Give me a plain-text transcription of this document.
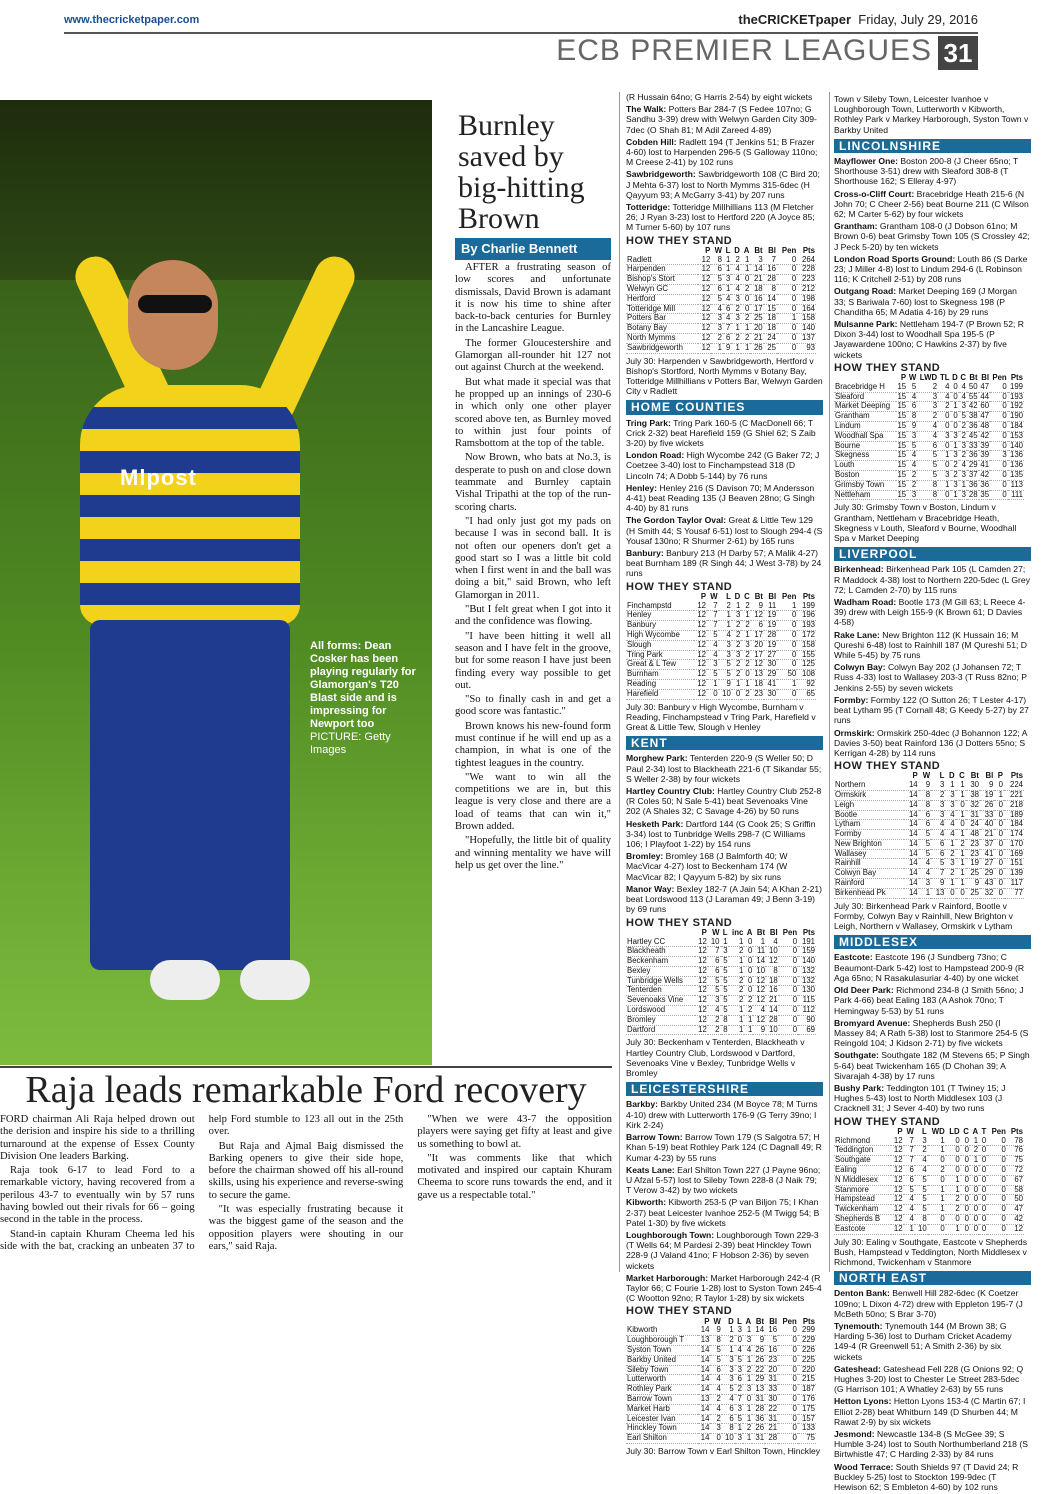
www.thecricketpaper.com	theCRICKETpaper Friday, July 29, 2016
ECB PREMIER LEAGUES 31
Mlpost
All forms: Dean Cosker has been playing regularly for Glamorgan's T20 Blast side and is impressing for Newport too
PICTURE: Getty Images
Burnley saved by big-hitting Brown
By Charlie Bennett

AFTER a frustrating season of low scores and unfortunate dismissals, David Brown is adamant it is now his time to shine after back-to-back centuries for Burnley in the Lancashire League.

The former Gloucestershire and Glamorgan all-rounder hit 127 not out against Church at the weekend.

But what made it special was that he propped up an innings of 230-6 in which only one other player scored above ten, as Burnley moved to within just four points of Ramsbottom at the top of the table.

Now Brown, who bats at No.3, is desperate to push on and close down teammate and Burnley captain Vishal Tripathi at the top of the run-scoring charts.

"I had only just got my pads on because I was in second ball. It is not often our openers don't get a good start so I was a little bit cold when I first went in and the ball was doing a bit," said Brown, who left Glamorgan in 2011.

"But I felt great when I got into it and the confidence was flowing.

"I have been hitting it well all season and I have felt in the groove, but for some reason I have just been finding every way possible to get out.

"So to finally cash in and get a good score was fantastic."

Brown knows his new-found form must continue if he will end up as a champion, in what is one of the tightest leagues in the country.

"We want to win all the competitions we are in, but this league is very close and there are a load of teams that can win it," Brown added.

"Hopefully, the little bit of quality and winning mentality we have will help us get over the line."

Raja leads remarkable Ford recovery

FORD chairman Ali Raja helped drown out the derision and inspire his side to a thrilling turnaround at the expense of Essex County Division One leaders Barking.

Raja took 6-17 to lead Ford to a remarkable victory, having recovered from a perilous 43-7 to eventually win by 57 runs having bowled out their rivals for 66 – going second in the table in the process.

Stand-in captain Khuram Cheema led his side with the bat, cracking an unbeaten 37 to help Ford stumble to 123 all out in the 25th over.

But Raja and Ajmal Baig dismissed the Barking openers to give their side hope, before the chairman showed off his all-round skills, using his experience and reverse-swing to secure the game.

"It was especially frustrating because it was the biggest game of the season and the opposition players were shouting in our ears," said Raja.

"When we were 43-7 the opposition players were saying get fifty at least and give us something to bowl at.

"It was comments like that which motivated and inspired our captain Khuram Cheema to score runs towards the end, and it gave us a respectable total."

(R Hussain 64no; G Harris 2-54) by eight wickets
The Walk: Potters Bar 284-7 (S Fedee 107no; G Sandhu 3-39) drew with Welwyn Garden City 309-7dec (O Shah 81; M Adil Zareed 4-89)
Cobden Hill: Radlett 194 (T Jenkins 51; B Frazer 4-60) lost to Harpenden 296-5 (S Galloway 110no; M Creese 2-41) by 102 runs
Sawbridgeworth: Sawbridgeworth 108 (C Bird 20; J Mehta 6-37) lost to North Mymms 315-6dec (H Qayyum 93; A McGarry 3-41) by 207 runs
Totteridge: Totteridge Millhillians 113 (M Fletcher 26; J Ryan 3-23) lost to Hertford 220 (A Joyce 85; M Turner 5-60) by 107 runs
HOW THEY STAND
	P	W	L	D	A	Bt	Bl	Pen	Pts
Radlett	12	8	1	2	1	3	7	0	264
Harpenden	12	6	1	4	1	14	16	0	228
Bishop's Stort	12	5	3	4	0	21	28	0	223
Welwyn GC	12	6	1	4	2	18	8	0	212
Hertford	12	5	4	3	0	16	14	0	198
Totteridge Mill	12	4	6	2	0	17	15	0	164
Potters Bar	12	3	4	3	2	25	18	1	158
Botany Bay	12	3	7	1	1	20	18	0	140
North Mymms	12	2	6	2	2	21	24	0	137
Sawbridgeworth	12	1	9	1	1	26	25	0	93
July 30: Harpenden v Sawbridgeworth, Hertford v Bishop's Stortford, North Mymms v Botany Bay, Totteridge Millhillians v Potters Bar, Welwyn Garden City v Radlett
HOME COUNTIES
Tring Park: Tring Park 160-5 (C MacDonell 66; T Crick 2-32) beat Harefield 159 (G Shiel 62; S Zaib 3-20) by five wickets
London Road: High Wycombe 242 (G Baker 72; J Coetzee 3-40) lost to Finchampstead 318 (D Lincoln 74; A Dobb 5-144) by 76 runs
Henley: Henley 216 (S Davison 70; M Andersson 4-41) beat Reading 135 (J Beaven 28no; G Singh 4-40) by 81 runs
The Gordon Taylor Oval: Great & Little Tew 129 (H Smith 44; S Yousaf 6-51) lost to Slough 294-4 (S Yousaf 130no; R Shurmer 2-61) by 165 runs
Banbury: Banbury 213 (H Darby 57; A Malik 4-27) beat Burnham 189 (R Singh 44; J West 3-78) by 24 runs
HOW THEY STAND
	P	W	L	D	C	Bt	Bl	Pen	Pts
Finchampstd	12	7	2	1	2	9	11	1	199
Henley	12	7	1	3	1	12	19	0	196
Banbury	12	7	1	2	2	6	19	0	193
High Wycombe	12	5	4	2	1	17	28	0	172
Slough	12	4	3	2	3	20	19	0	158
Tring Park	12	4	3	3	2	17	27	0	155
Great & L Tew	12	3	5	2	2	12	30	0	125
Burnham	12	5	5	2	0	13	29	50	108
Reading	12	1	9	1	1	18	41	1	92
Harefield	12	0	10	0	2	23	30	0	65
July 30: Banbury v High Wycombe, Burnham v Reading, Finchampstead v Tring Park, Harefield v Great & Little Tew, Slough v Henley
KENT
Morghew Park: Tenterden 220-9 (S Weller 50; D Paul 2-34) lost to Blackheath 221-6 (T Sikandar 55; S Weller 2-38) by four wickets
Hartley Country Club: Hartley Country Club 252-8 (R Coles 50; N Sale 5-41) beat Sevenoaks Vine 202 (A Shales 32; C Savage 4-26) by 50 runs
Hesketh Park: Dartford 144 (G Cook 25; S Griffin 3-34) lost to Tunbridge Wells 298-7 (C Williams 106; I Playfoot 1-22) by 154 runs
Bromley: Bromley 168 (J Balmforth 40; W MacVicar 4-27) lost to Beckenham 174 (W MacVicar 82; I Qayyum 5-82) by six runs
Manor Way: Bexley 182-7 (A Jain 54; A Khan 2-21) beat Lordswood 113 (J Laraman 49; J Benn 3-19) by 69 runs
HOW THEY STAND
	P	W	L	inc	A	Bt	Bl	Pen	Pts
Hartley CC	12	10	1	1	0	1	4	0	191
Blackheath	12	7	3	2	0	11	10	0	159
Beckenham	12	6	5	1	0	14	12	0	140
Bexley	12	6	5	1	0	10	8	0	132
Tunbridge Wells	12	5	5	2	0	12	18	0	132
Tenterden	12	5	5	2	0	12	16	0	130
Sevenoaks Vine	12	3	5	2	2	12	21	0	115
Lordswood	12	4	5	1	2	4	14	0	112
Bromley	12	2	8	1	1	12	28	0	90
Dartford	12	2	8	1	1	9	10	0	69
July 30: Beckenham v Tenterden, Blackheath v Hartley Country Club, Lordswood v Dartford, Sevenoaks Vine v Bexley, Tunbridge Wells v Bromley
LEICESTERSHIRE
Barkby: Barkby United 234 (M Boyce 78; M Turns 4-10) drew with Lutterworth 176-9 (G Terry 39no; I Kirk 2-24)
Barrow Town: Barrow Town 179 (S Salgotra 57; H Khan 5-19) beat Rothley Park 124 (C Dagnall 49; R Kumar 4-23) by 55 runs
Keats Lane: Earl Shilton Town 227 (J Payne 96no; U Afzal 5-57) lost to Sileby Town 228-8 (J Naik 79; T Verow 3-42) by two wickets
Kibworth: Kibworth 253-5 (P van Biljon 75; I Khan 2-37) beat Leicester Ivanhoe 252-5 (M Twigg 54; B Patel 1-30) by five wickets
Loughborough Town: Loughborough Town 229-3 (T Wells 64; M Pardesi 2-39) beat Hinckley Town 228-9 (J Valand 41no; F Hobson 2-36) by seven wickets
Market Harborough: Market Harborough 242-4 (R Taylor 66; C Fourie 1-28) lost to Syston Town 245-4 (C Wootton 92no; R Taylor 1-28) by six wickets
HOW THEY STAND
	P	W	D	L	A	Bt	Bl	Pen	Pts
Kibworth	14	9	1	3	1	14	16	0	299
Loughborough T	13	8	2	0	3	9	5	0	229
Syston Town	14	5	1	4	4	26	16	0	226
Barkby United	14	5	3	5	1	26	23	0	225
Sileby Town	14	6	3	3	2	22	20	0	220
Lutterworth	14	4	3	6	1	29	31	0	215
Rothley Park	14	4	5	2	3	13	33	0	187
Barrow Town	13	2	4	7	0	31	30	0	176
Market Harb	14	4	6	3	1	28	22	0	175
Leicester Ivan	14	2	6	5	1	36	31	0	157
Hinckley Town	14	3	8	1	2	26	21	0	133
Earl Shilton	14	0	10	3	1	31	28	0	75
July 30: Barrow Town v Earl Shilton Town, Hinckley
Town v Sileby Town, Leicester Ivanhoe v Loughborough Town, Lutterworth v Kibworth, Rothley Park v Markey Harborough, Syston Town v Barkby United
LINCOLNSHIRE
Mayflower One: Boston 200-8 (J Cheer 65no; T Shorthouse 3-51) drew with Sleaford 308-8 (T Shorthouse 162; S Elleray 4-97)
Cross-o-Cliff Court: Bracebridge Heath 215-6 (N John 70; C Cheer 2-56) beat Bourne 211 (C Wilson 62; M Carter 5-62) by four wickets
Grantham: Grantham 108-0 (J Dobson 61no; M Brown 0-6) beat Grimsby Town 105 (S Crossley 42; J Peck 5-20) by ten wickets
London Road Sports Ground: Louth 86 (S Darke 23; J Miller 4-8) lost to Lindum 294-6 (L Robinson 116; K Critchell 2-51) by 208 runs
Outgang Road: Market Deeping 169 (J Morgan 33; S Bariwala 7-60) lost to Skegness 198 (P Chanditha 65; M Adatia 4-16) by 29 runs
Mulsanne Park: Nettleham 194-7 (P Brown 52; R Dixon 3-44) lost to Woodhall Spa 195-5 (P Jayawardene 100no; C Hawkins 2-37) by five wickets
HOW THEY STAND
	P	W	LWD	TL	D	C	Bt	Bl	Pen	Pts
Bracebridge H	15	5	2	4	0	4	50	47	0	199
Sleaford	15	4	3	4	0	4	55	44	0	193
Market Deeping	15	6	3	2	1	3	42	60	0	192
Grantham	15	8	2	0	0	5	38	47	0	190
Lindum	15	9	4	0	0	2	36	48	0	184
Woodhall Spa	15	3	4	3	3	2	45	42	0	153
Bourne	15	5	6	0	1	3	33	39	0	140
Skegness	15	4	5	1	3	2	36	39	3	136
Louth	15	4	5	0	2	4	29	41	0	136
Boston	15	2	5	3	2	3	37	42	0	135
Grimsby Town	15	2	8	1	3	1	36	36	0	113
Nettleham	15	3	8	0	1	3	28	35	0	111
July 30: Grimsby Town v Boston, Lindum v Grantham, Nettleham v Bracebridge Heath, Skegness v Louth, Sleaford v Bourne, Woodhall Spa v Market Deeping
LIVERPOOL
Birkenhead: Birkenhead Park 105 (L Camden 27; R Maddock 4-38) lost to Northern 220-5dec (L Grey 72; L Camden 2-70) by 115 runs
Wadham Road: Bootle 173 (M Gill 63; L Reece 4-39) drew with Leigh 155-9 (K Brown 61; D Davies 4-58)
Rake Lane: New Brighton 112 (K Hussain 16; M Qureshi 6-48) lost to Rainhill 187 (M Qureshi 51; D While 5-45) by 75 runs
Colwyn Bay: Colwyn Bay 202 (J Johansen 72; T Russ 4-33) lost to Wallasey 203-3 (T Russ 82no; P Jenkins 2-55) by seven wickets
Formby: Formby 122 (O Sutton 26; T Lester 4-17) beat Lytham 95 (T Cornall 48; G Keedy 5-27) by 27 runs
Ormskirk: Ormskirk 250-4dec (J Bohannon 122; A Davies 3-50) beat Rainford 136 (J Dotters 55no; S Kerrigan 4-28) by 114 runs
HOW THEY STAND
	P	W	L	D	C	Bt	Bl	P	Pts
Northern	14	9	3	1	1	30	9	0	224
Ormskirk	14	8	2	3	1	38	19	1	221
Leigh	14	8	3	3	0	32	26	0	218
Bootle	14	6	3	4	1	31	33	0	189
Lytham	14	6	4	4	0	24	40	0	184
Formby	14	5	4	4	1	48	21	0	174
New Brighton	14	5	6	1	2	23	37	0	170
Wallasey	14	5	6	2	1	23	41	0	169
Rainhill	14	4	5	3	1	19	27	0	151
Colwyn Bay	14	4	7	2	1	25	29	0	139
Rainford	14	3	9	1	1	9	43	0	117
Birkenhead Pk	14	1	13	0	0	25	32	0	77
July 30: Birkenhead Park v Rainford, Bootle v Formby, Colwyn Bay v Rainhill, New Brighton v Leigh, Northern v Wallasey, Ormskirk v Lytham
MIDDLESEX
Eastcote: Eastcote 196 (J Sundberg 73no; C Beaumont-Dark 5-42) lost to Hampstead 200-9 (R Aga 65no; N Rasakulasuriar 4-40) by one wicket
Old Deer Park: Richmond 234-8 (J Smith 56no; J Park 4-66) beat Ealing 183 (A Ashok 70no; T Hemingway 5-53) by 51 runs
Bromyard Avenue: Shepherds Bush 250 (I Massey 84; A Rath 5-38) lost to Stanmore 254-5 (S Reingold 104; J Kidson 2-71) by five wickets
Southgate: Southgate 182 (M Stevens 65; P Singh 5-64) beat Twickenham 165 (D Chohan 39; A Sivarajah 4-38) by 17 runs
Bushy Park: Teddington 101 (T Twiney 15; J Hughes 5-43) lost to North Middlesex 103 (J Cracknell 31; J Sever 4-40) by two runs
HOW THEY STAND
	P	W	L	WD	LD	C	A	T	Pen	Pts
Richmond	12	7	3	1	0	0	1	0	0	78
Teddington	12	7	2	1	0	0	2	0	0	76
Southgate	12	7	4	0	0	0	1	0	0	75
Ealing	12	6	4	2	0	0	0	0	0	72
N Middlesex	12	6	5	0	1	0	0	0	0	67
Stanmore	12	5	5	1	1	0	0	0	0	58
Hampstead	12	4	5	1	2	0	0	0	0	50
Twickenham	12	4	5	1	2	0	0	0	0	47
Shepherds B	12	4	8	0	0	0	0	0	0	42
Eastcote	12	1	10	0	1	0	0	0	0	12
July 30: Ealing v Southgate, Eastcote v Shepherds Bush, Hampstead v Teddington, North Middlesex v Richmond, Twickenham v Stanmore
NORTH EAST
Denton Bank: Benwell Hill 282-6dec (K Coetzer 109no; L Dixon 4-72) drew with Eppleton 195-7 (J McBeth 50no; S Brar 3-70)
Tynemouth: Tynemouth 144 (M Brown 38; G Harding 5-36) lost to Durham Cricket Academy 149-4 (R Greenwell 51; A Smith 2-36) by six wickets
Gateshead: Gateshead Fell 228 (G Onions 92; Q Hughes 3-20) lost to Chester Le Street 283-5dec (G Harrison 101; A Whatley 2-63) by 55 runs
Hetton Lyons: Hetton Lyons 153-4 (C Martin 67; I Elliot 2-28) beat Whitburn 149 (D Shurben 44; M Rawat 2-9) by six wickets
Jesmond: Newcastle 134-8 (S McGee 39; S Humble 3-24) lost to South Northumberland 218 (S Birtwhistle 47; C Harding 2-33) by 84 runs
Wood Terrace: South Shields 97 (T David 24; R Buckley 5-25) lost to Stockton 199-9dec (T Hewison 62; S Embleton 4-60) by 102 runs
